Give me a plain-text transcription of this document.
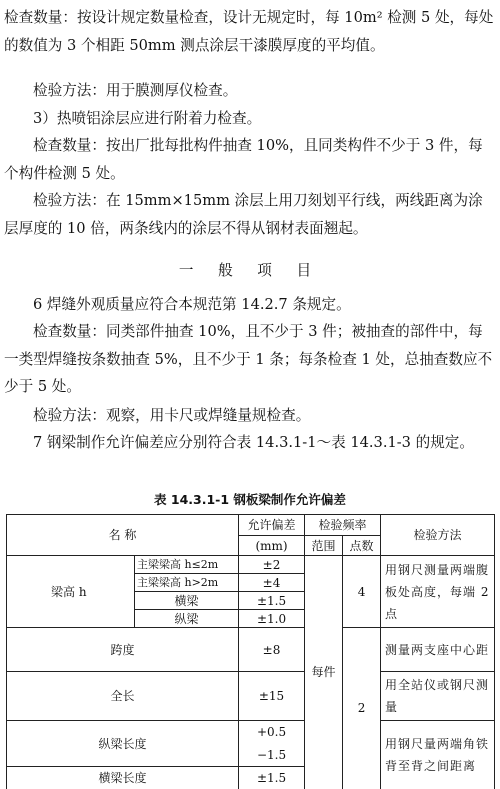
检查数量：按设计规定数量检查，设计无规定时，每 10m² 检测 5 处，每处的数值为 3 个相距 50mm 测点涂层干漆膜厚度的平均值。

检验方法：用于膜测厚仪检查。

3）热喷铝涂层应进行附着力检查。

检查数量：按出厂批每批构件抽查 10%，且同类构件不少于 3 件，每个构件检测 5 处。

检验方法：在 15mm×15mm 涂层上用刀刻划平行线，两线距离为涂层厚度的 10 倍，两条线内的涂层不得从钢材表面翘起。

一 般 项 目

6 焊缝外观质量应符合本规范第 14.2.7 条规定。

检查数量：同类部件抽查 10%，且不少于 3 件；被抽查的部件中，每一类型焊缝按条数抽查 5%，且不少于 1 条；每条检查 1 处，总抽查数应不少于 5 处。

检验方法：观察，用卡尺或焊缝量规检查。

7 钢梁制作允许偏差应分别符合表 14.3.1-1～表 14.3.1-3 的规定。

表 14.3.1-1 钢板梁制作允许偏差
名 称		允许偏差	检验频率		检验方法
		(mm)	范围	点数	
梁高 h	主梁梁高 h≤2m	±2	每件	4	用钢尺测量两端腹板处高度，每端 2 点
	主梁梁高 h>2m	±4			
	横梁	±1.5			
	纵梁	±1.0			
跨度		±8		2	测量两支座中心距
全长		±15			用全站仪或钢尺测量
纵梁长度		+0.5			用钢尺量两端角铁背至背之间距离
		−1.5			
横梁长度		±1.5			
